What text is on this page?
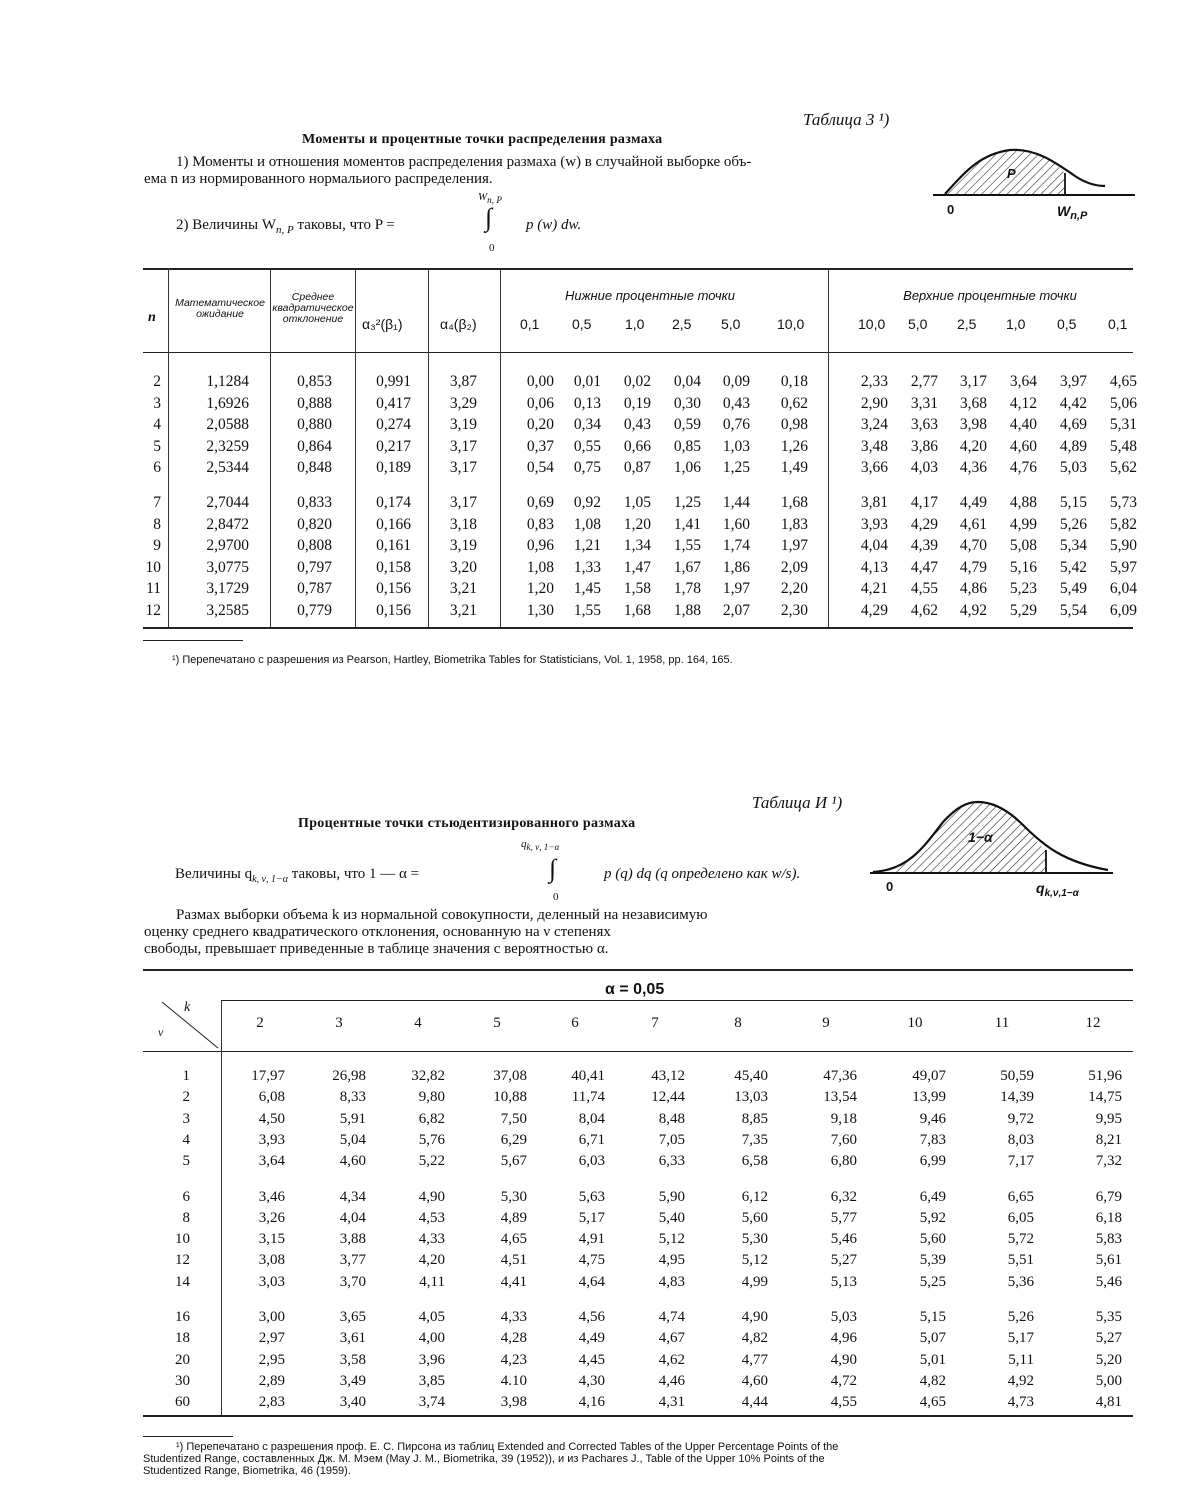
Таблица 3 ¹)
Моменты и процентные точки распределения размаха
1) Моменты и отношения моментов распределения размаха (w) в случайной выборке объ-
ема n из нормированного нормальиого распределения.
2) Величины $W_{n, P}$ таковы, что P =
$W_{n, P}$
∫
0
p (w) dw.
P
0	$W_{n,P}$
n
Математическое
ожидание
Среднее
квадратическое
отклонение	α₃²(β₁)	α₄(β₂)
Нижние процентные точки	Верхние процентные точки
0,1 0,5 1,0 2,5 5,0	10,0	10,0 5,0 2,5 1,0 0,5 0,1
2	1,1284	0,853	0,991	3,87	0,00	0,01	0,02	0,04	0,09	0,18	2,33	2,77	3,17	3,64	3,97	4,65
3	1,6926	0,888	0,417	3,29	0,06	0,13	0,19	0,30	0,43	0,62	2,90	3,31	3,68	4,12	4,42	5,06
4	2,0588	0,880	0,274	3,19	0,20	0,34	0,43	0,59	0,76	0,98	3,24	3,63	3,98	4,40	4,69	5,31
5	2,3259	0,864	0,217	3,17	0,37	0,55	0,66	0,85	1,03	1,26	3,48	3,86	4,20	4,60	4,89	5,48
6	2,5344	0,848	0,189	3,17	0,54	0,75	0,87	1,06	1,25	1,49	3,66	4,03	4,36	4,76	5,03	5,62
7	2,7044	0,833	0,174	3,17	0,69	0,92	1,05	1,25	1,44	1,68	3,81	4,17	4,49	4,88	5,15	5,73
8	2,8472	0,820	0,166	3,18	0,83	1,08	1,20	1,41	1,60	1,83	3,93	4,29	4,61	4,99	5,26	5,82
9	2,9700	0,808	0,161	3,19	0,96	1,21	1,34	1,55	1,74	1,97	4,04	4,39	4,70	5,08	5,34	5,90
10	3,0775	0,797	0,158	3,20	1,08	1,33	1,47	1,67	1,86	2,09	4,13	4,47	4,79	5,16	5,42	5,97
11	3,1729	0,787	0,156	3,21	1,20	1,45	1,58	1,78	1,97	2,20	4,21	4,55	4,86	5,23	5,49	6,04
12	3,2585	0,779	0,156	3,21	1,30	1,55	1,68	1,88	2,07	2,30	4,29	4,62	4,92	5,29	5,54	6,09
¹) Перепечатано с разрешения из Pearson, Hartley, Biometrika Tables for Statisticians, Vol. 1, 1958, pp. 164, 165.
Таблица И ¹)
Процентные точки стьюдентизированного размаха
Величины $q_{k, \nu, 1-\alpha}$ таковы, что 1 — α =
$q_{k, \nu, 1-\alpha}$
∫
0
p (q) dq (q определено как w/s).
Размах выборки объема k из нормальной совокупности, деленный на независимую
оценку среднего квадратического отклонения, основанную на ν степенях
свободы, превышает приведенные в таблице значения с вероятностью α.
1−α
0	$q_{k,\nu,1-\alpha}$
k
ν
α = 0,05
2	3	4	5	6	7	8	9	10	11	12
1	17,97	26,98	32,82	37,08	40,41	43,12	45,40	47,36	49,07	50,59	51,96
2	6,08	8,33	9,80	10,88	11,74	12,44	13,03	13,54	13,99	14,39	14,75
3	4,50	5,91	6,82	7,50	8,04	8,48	8,85	9,18	9,46	9,72	9,95
4	3,93	5,04	5,76	6,29	6,71	7,05	7,35	7,60	7,83	8,03	8,21
5	3,64	4,60	5,22	5,67	6,03	6,33	6,58	6,80	6,99	7,17	7,32
6	3,46	4,34	4,90	5,30	5,63	5,90	6,12	6,32	6,49	6,65	6,79
8	3,26	4,04	4,53	4,89	5,17	5,40	5,60	5,77	5,92	6,05	6,18
10	3,15	3,88	4,33	4,65	4,91	5,12	5,30	5,46	5,60	5,72	5,83
12	3,08	3,77	4,20	4,51	4,75	4,95	5,12	5,27	5,39	5,51	5,61
14	3,03	3,70	4,11	4,41	4,64	4,83	4,99	5,13	5,25	5,36	5,46
16	3,00	3,65	4,05	4,33	4,56	4,74	4,90	5,03	5,15	5,26	5,35
18	2,97	3,61	4,00	4,28	4,49	4,67	4,82	4,96	5,07	5,17	5,27
20	2,95	3,58	3,96	4,23	4,45	4,62	4,77	4,90	5,01	5,11	5,20
30	2,89	3,49	3,85	4.10	4,30	4,46	4,60	4,72	4,82	4,92	5,00
60	2,83	3,40	3,74	3,98	4,16	4,31	4,44	4,55	4,65	4,73	4,81
¹) Перепечатано с разрешения проф. Е. С. Пирсона из таблиц Extended and Corrected Tables of the Upper Percentage Points of the
Studentized Range, составленных Дж. М. Мэем (May J. M., Biometrika, 39 (1952)), и из Pachares J., Table of the Upper 10% Points of the
Studentized Range, Biometrika, 46 (1959).
